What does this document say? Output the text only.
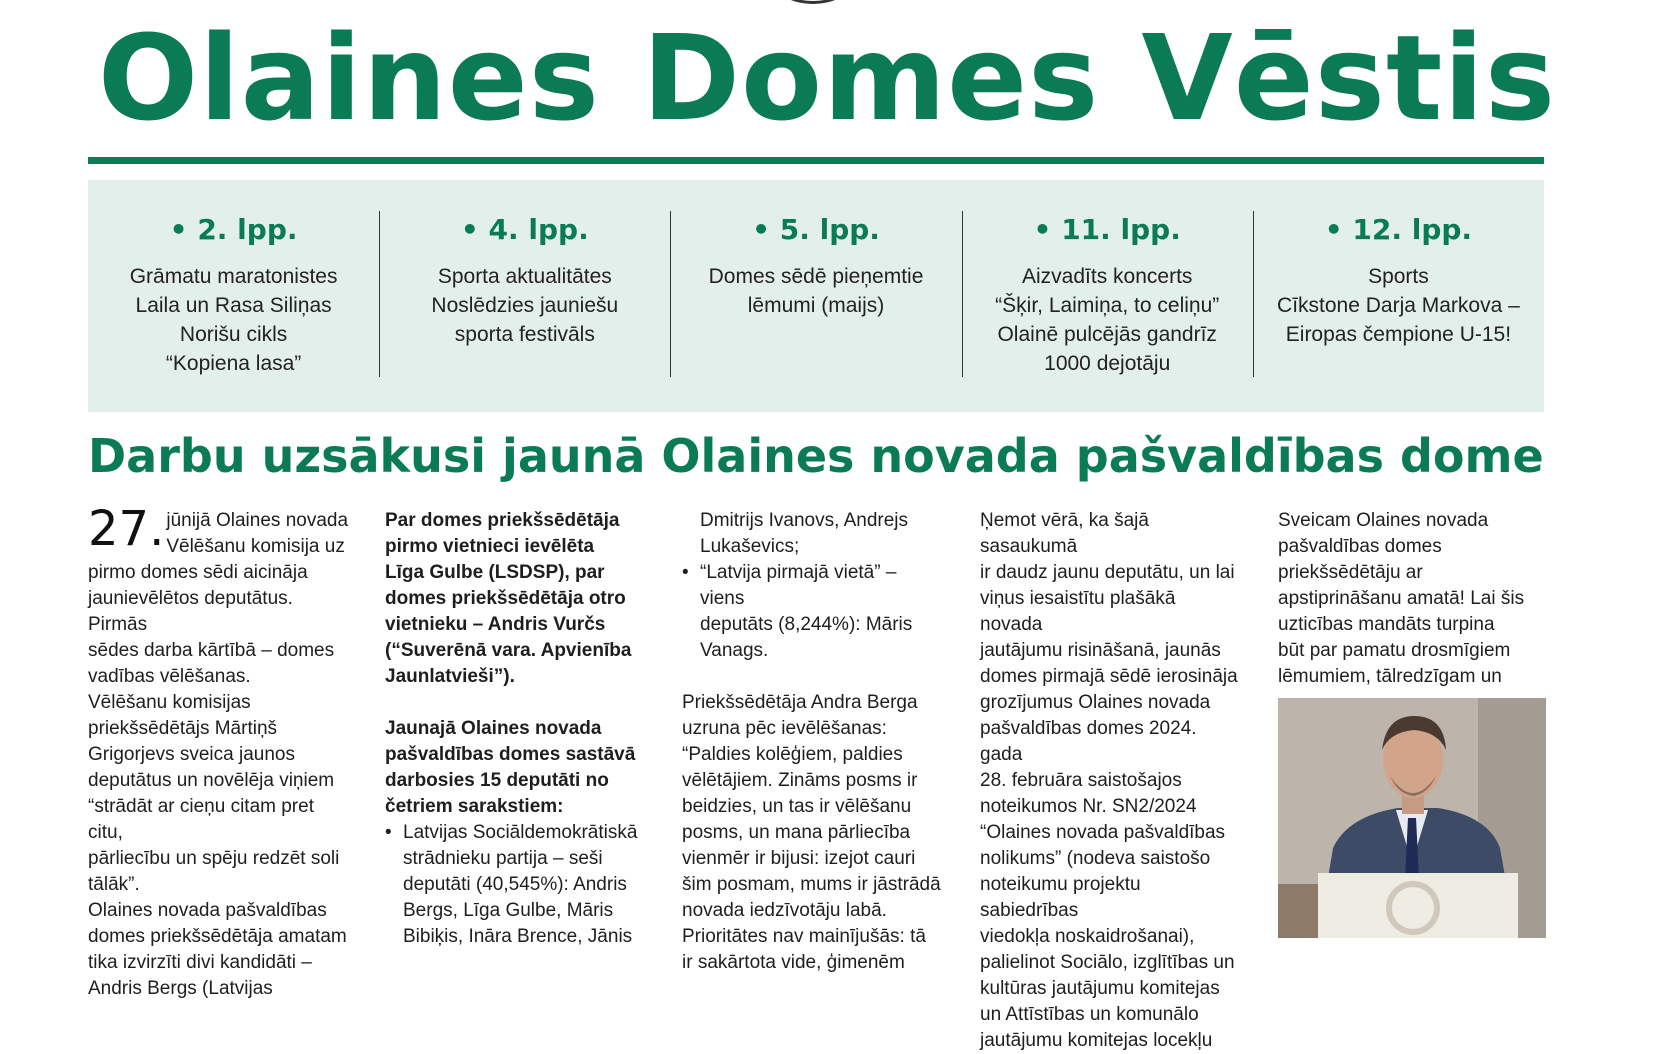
Olaines Domes Vēstis
• 2. lpp.
Grāmatu maratonistes
Laila un Rasa Siliņas
Norišu cikls
“Kopiena lasa”
• 4. lpp.
Sporta aktualitātes
Noslēdzies jauniešu
sporta festivāls
• 5. lpp.
Domes sēdē pieņemtie
lēmumi (maijs)
• 11. lpp.
Aizvadīts koncerts
“Šķir, Laimiņa, to celiņu”
Olainē pulcējās gandrīz
1000 dejotāju
• 12. lpp.
Sports
Cīkstone Darja Markova –
Eiropas čempione U-15!
Darbu uzsākusi jaunā Olaines novada pašvaldības dome
27. jūnijā Olaines novada

Vēlēšanu komisija uz

pirmo domes sēdi aicināja

jaunievēlētos deputātus. Pirmās

sēdes darba kārtībā – domes

vadības vēlēšanas.

Vēlēšanu komisijas

priekšsēdētājs Mārtiņš

Grigorjevs sveica jaunos

deputātus un novēlēja viņiem

“strādāt ar cieņu citam pret citu,

pārliecību un spēju redzēt soli

tālāk”.

Olaines novada pašvaldības

domes priekšsēdētāja amatam

tika izvirzīti divi kandidāti –

Andris Bergs (Latvijas

Par domes priekšsēdētāja

pirmo vietnieci ievēlēta

Līga Gulbe (LSDSP), par

domes priekšsēdētāja otro

vietnieku – Andris Vurčs

(“Suverēnā vara. Apvienība

Jaunlatvieši”).

Jaunajā Olaines novada

pašvaldības domes sastāvā

darbosies 15 deputāti no

četriem sarakstiem:

• Latvijas Sociāldemokrātiskā
strādnieku partija – seši
deputāti (40,545%): Andris
Bergs, Līga Gulbe, Māris
Bibiķis, Ināra Brence, Jānis
Dmitrijs Ivanovs, Andrejs
Lukaševics;
• “Latvija pirmajā vietā” – viens
deputāts (8,244%): Māris
Vanags.

Priekšsēdētāja Andra Berga

uzruna pēc ievēlēšanas:

“Paldies kolēģiem, paldies

vēlētājiem. Zināms posms ir

beidzies, un tas ir vēlēšanu

posms, un mana pārliecība

vienmēr ir bijusi: izejot cauri

šim posmam, mums ir jāstrādā

novada iedzīvotāju labā.

Prioritātes nav mainījušās: tā

ir sakārtota vide, ģimenēm

Ņemot vērā, ka šajā sasaukumā

ir daudz jaunu deputātu, un lai

viņus iesaistītu plašākā novada

jautājumu risināšanā, jaunās

domes pirmajā sēdē ierosināja

grozījumus Olaines novada

pašvaldības domes 2024. gada

28. februāra saistošajos

noteikumos Nr. SN2/2024

“Olaines novada pašvaldības

nolikums” (nodeva saistošo

noteikumu projektu sabiedrības

viedokļa noskaidrošanai),

palielinot Sociālo, izglītības un

kultūras jautājumu komitejas

un Attīstības un komunālo

jautājumu komitejas locekļu

Sveicam Olaines novada

pašvaldības domes

priekšsēdētāju ar

apstiprināšanu amatā! Lai šis

uzticības mandāts turpina

būt par pamatu drosmīgiem

lēmumiem, tālredzīgam un
